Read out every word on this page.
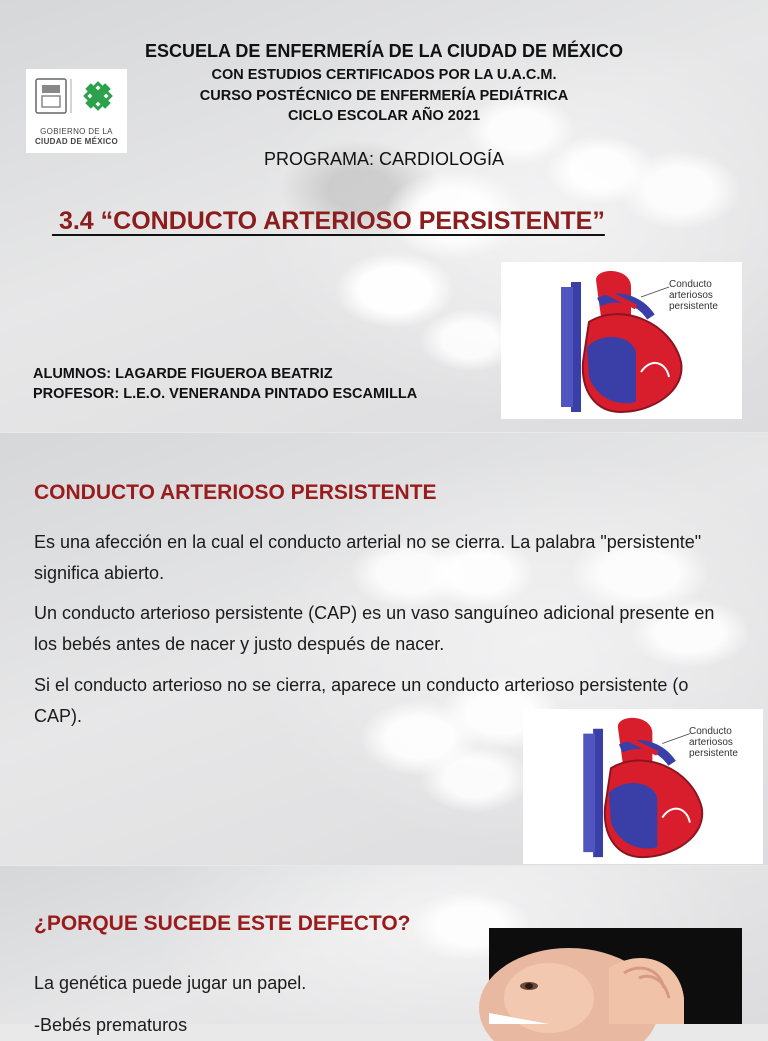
ESCUELA DE ENFERMERÍA DE LA CIUDAD DE MÉXICO
CON ESTUDIOS CERTIFICADOS POR LA U.A.C.M.
CURSO POSTÉCNICO DE ENFERMERÍA PEDIÁTRICA
CICLO ESCOLAR AÑO 2021
GOBIERNO DE LA
CIUDAD DE MÉXICO
PROGRAMA: CARDIOLOGÍA
3.4 “CONDUCTO ARTERIOSO PERSISTENTE”
ALUMNOS: LAGARDE FIGUEROA BEATRIZ
PROFESOR: L.E.O. VENERANDA PINTADO ESCAMILLA
Conducto
arteriosos
persistente
CONDUCTO ARTERIOSO PERSISTENTE
Es una afección en la cual el conducto arterial no se cierra. La palabra "persistente" significa abierto.
Un conducto arterioso persistente (CAP) es un vaso sanguíneo adicional presente en los bebés antes de nacer y justo después de nacer.
Si el conducto arterioso no se cierra, aparece un conducto arterioso persistente (o CAP).
Conducto
arteriosos
persistente
¿PORQUE SUCEDE ESTE DEFECTO?
La genética puede jugar un papel.
-Bebés prematuros
